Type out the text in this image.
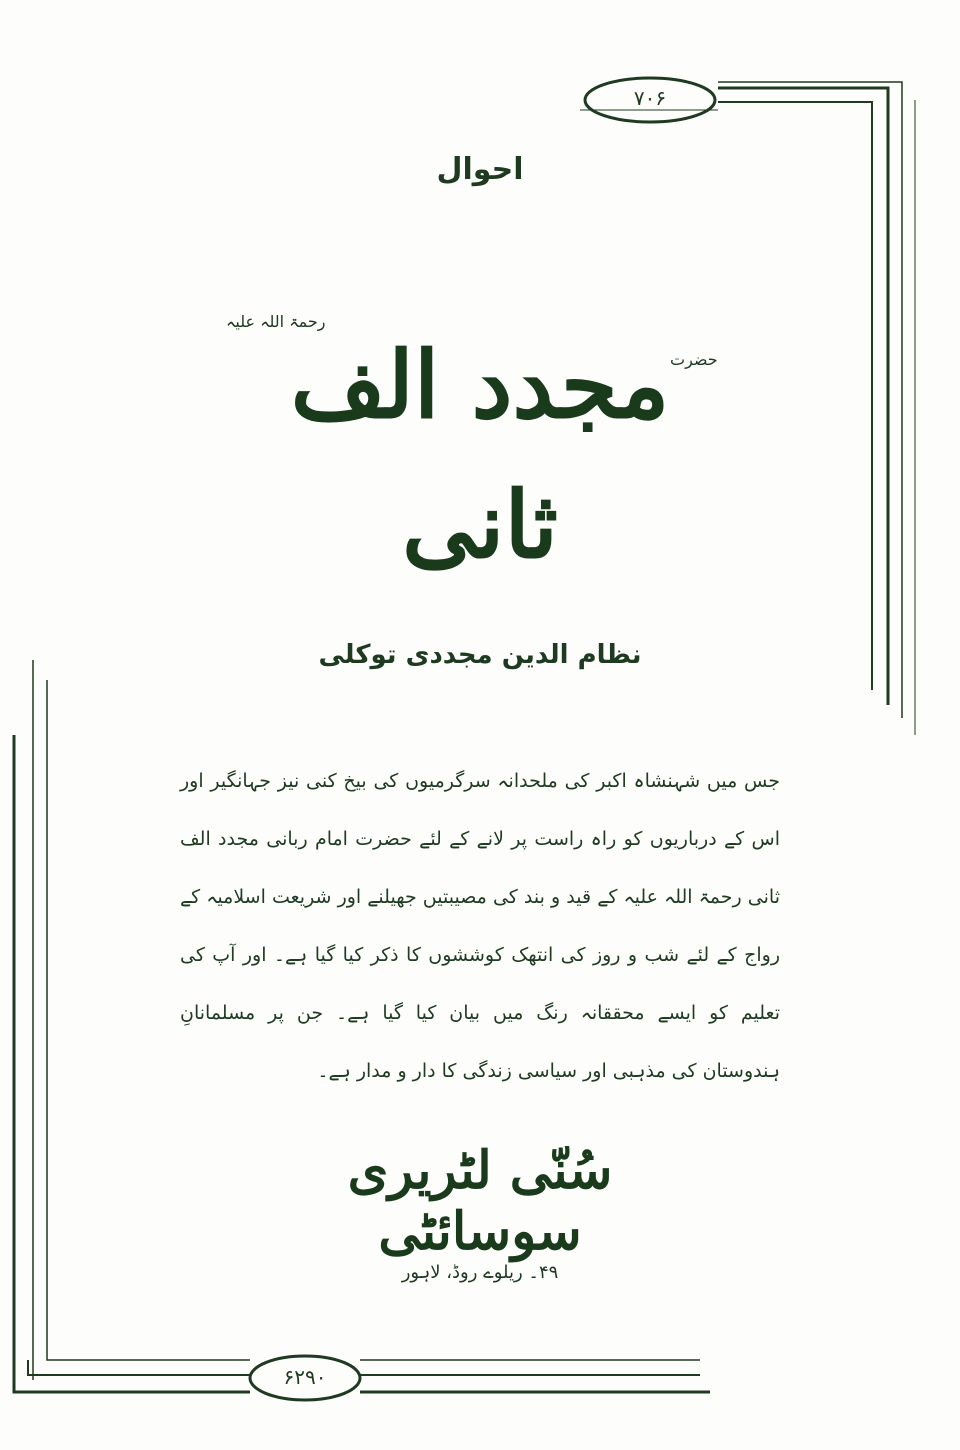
۷۰۶
احوال
رحمۃ اللہ علیہ
حضرت
مجدد الف ثانی
نظام الدین مجددی توکلی

جس میں شہنشاہ اکبر کی ملحدانہ سرگرمیوں کی بیخ کنی نیز جہانگیر اور اس کے درباریوں کو راہ راست پر لانے کے لئے حضرت امام ربانی مجدد الف ثانی رحمۃ اللہ علیہ کے قید و بند کی مصیبتیں جھیلنے اور شریعت اسلامیہ کے رواج کے لئے شب و روز کی انتھک کوششوں کا ذکر کیا گیا ہے۔ اور آپ کی تعلیم کو ایسے محققانہ رنگ میں بیان کیا گیا ہے۔ جن پر مسلمانانِ ہندوستان کی مذہبی اور سیاسی زندگی کا دار و مدار ہے۔

سُنّی لٹریری سوسائٹی
۴۹۔ ریلوے روڈ، لاہور
۶۲۹۰
